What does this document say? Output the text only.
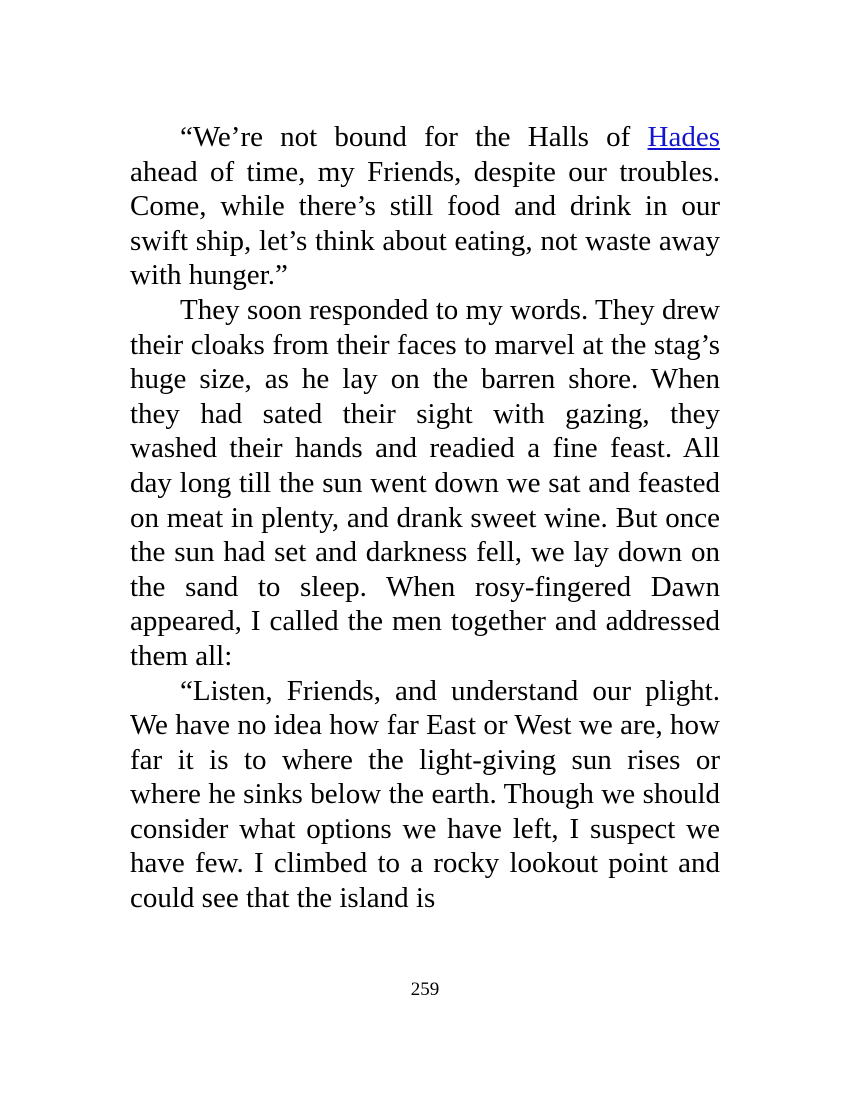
“We’re not bound for the Halls of Hades ahead of time, my Friends, despite our troubles. Come, while there’s still food and drink in our swift ship, let’s think about eating, not waste away with hunger.”

They soon responded to my words. They drew their cloaks from their faces to marvel at the stag’s huge size, as he lay on the barren shore. When they had sated their sight with gazing, they washed their hands and readied a fine feast. All day long till the sun went down we sat and feasted on meat in plenty, and drank sweet wine. But once the sun had set and darkness fell, we lay down on the sand to sleep. When rosy-fingered Dawn appeared, I called the men together and addressed them all:

“Listen, Friends, and understand our plight. We have no idea how far East or West we are, how far it is to where the light-giving sun rises or where he sinks below the earth. Though we should consider what options we have left, I suspect we have few. I climbed to a rocky lookout point and could see that the island is

259
